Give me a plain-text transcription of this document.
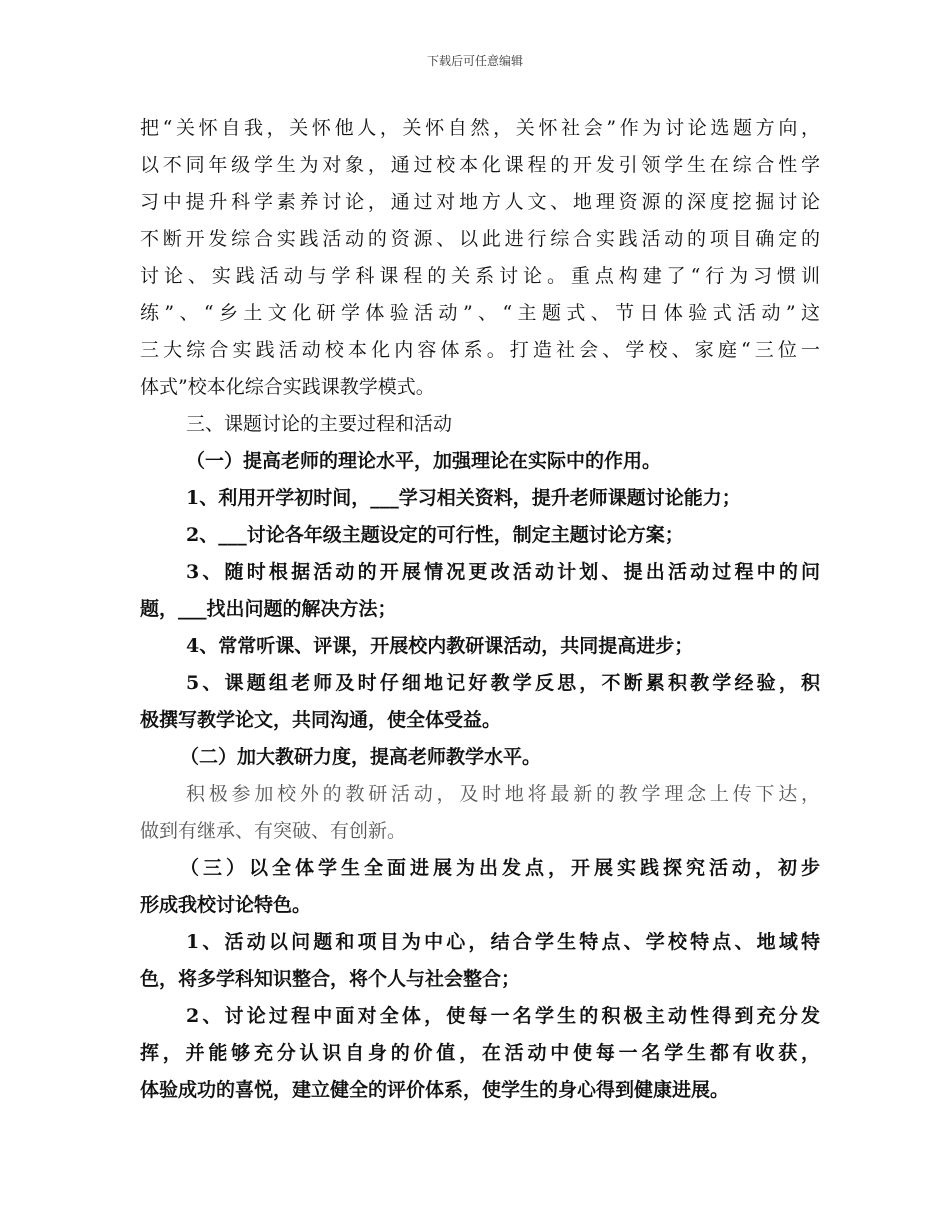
下载后可任意编辑
把“关怀自我，关怀他人，关怀自然，关怀社会”作为讨论选题方向，
以不同年级学生为对象，通过校本化课程的开发引领学生在综合性学
习中提升科学素养讨论，通过对地方人文、地理资源的深度挖掘讨论
不断开发综合实践活动的资源、以此进行综合实践活动的项目确定的
讨论、实践活动与学科课程的关系讨论。重点构建了“行为习惯训
练”、“乡土文化研学体验活动”、“主题式、节日体验式活动”这
三大综合实践活动校本化内容体系。打造社会、学校、家庭“三位一
体式”校本化综合实践课教学模式。
三、课题讨论的主要过程和活动
（一）提高老师的理论水平，加强理论在实际中的作用。
1、利用开学初时间，___学习相关资料，提升老师课题讨论能力；
2、___讨论各年级主题设定的可行性，制定主题讨论方案；
3、随时根据活动的开展情况更改活动计划、提出活动过程中的问
题，___找出问题的解决方法；
4、常常听课、评课，开展校内教研课活动，共同提高进步；
5、课题组老师及时仔细地记好教学反思，不断累积教学经验，积
极撰写教学论文，共同沟通，使全体受益。
（二）加大教研力度，提高老师教学水平。
积极参加校外的教研活动，及时地将最新的教学理念上传下达，
做到有继承、有突破、有创新。
（三）以全体学生全面进展为出发点，开展实践探究活动，初步
形成我校讨论特色。
1、活动以问题和项目为中心，结合学生特点、学校特点、地域特
色，将多学科知识整合，将个人与社会整合；
2、讨论过程中面对全体，使每一名学生的积极主动性得到充分发
挥，并能够充分认识自身的价值，在活动中使每一名学生都有收获，
体验成功的喜悦，建立健全的评价体系，使学生的身心得到健康进展。
